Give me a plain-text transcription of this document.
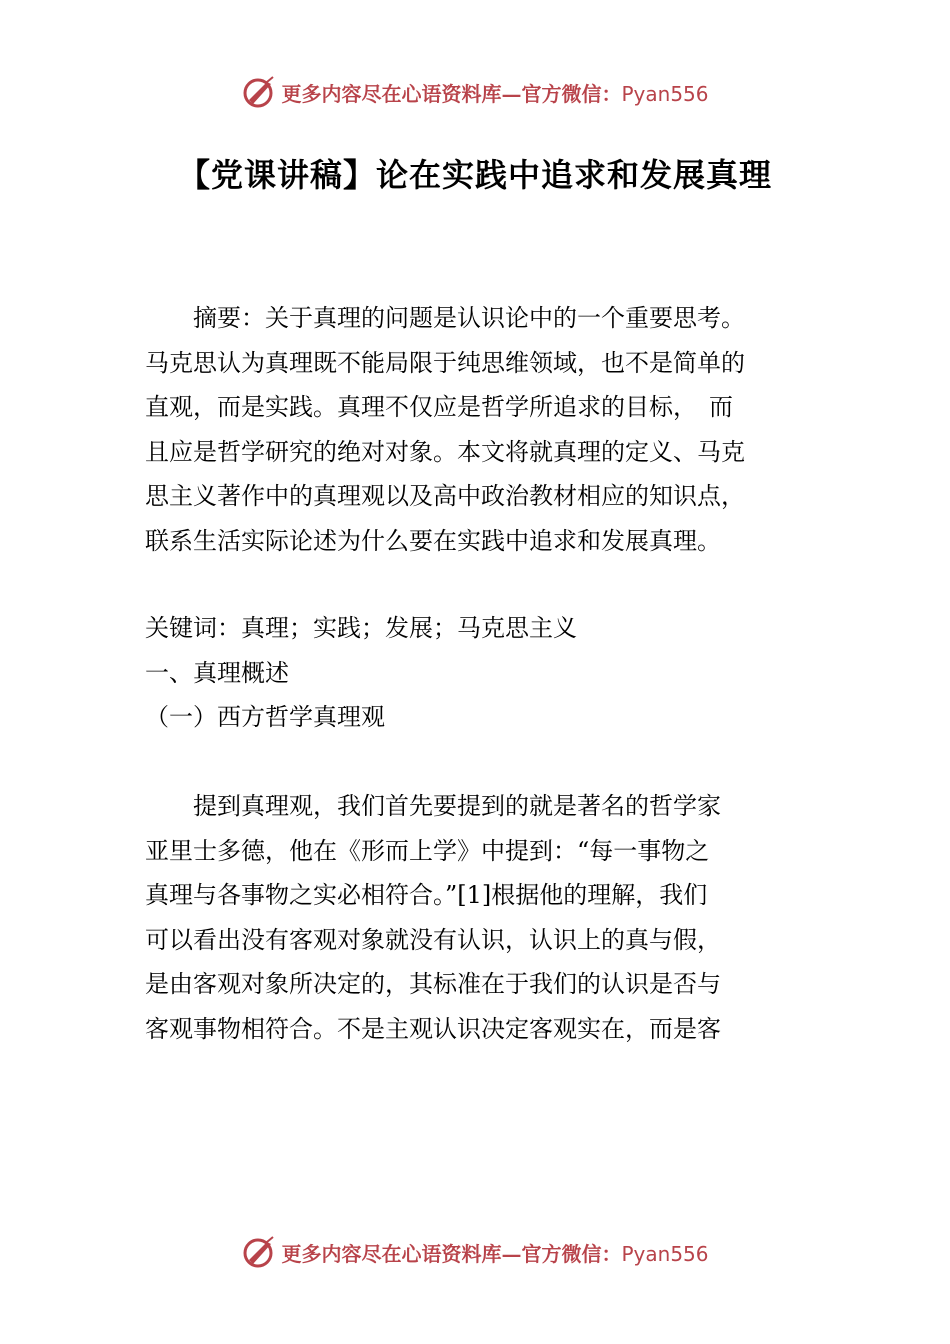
更多内容尽在心语资料库—官方微信：Pyan556
【党课讲稿】论在实践中追求和发展真理
　　摘要：关于真理的问题是认识论中的一个重要思考。
马克思认为真理既不能局限于纯思维领域，也不是简单的
直观，而是实践。真理不仅应是哲学所追求的目标，　而
且应是哲学研究的绝对对象。本文将就真理的定义、马克
思主义著作中的真理观以及高中政治教材相应的知识点，
联系生活实际论述为什么要在实践中追求和发展真理。
关键词：真理；实践；发展；马克思主义
一、真理概述
（一）西方哲学真理观
　　提到真理观，我们首先要提到的就是著名的哲学家
亚里士多德，他在《形而上学》中提到：“每一事物之
真理与各事物之实必相符合。”[1]根据他的理解，我们
可以看出没有客观对象就没有认识，认识上的真与假，
是由客观对象所决定的，其标准在于我们的认识是否与
客观事物相符合。不是主观认识决定客观实在，而是客
更多内容尽在心语资料库—官方微信：Pyan556
